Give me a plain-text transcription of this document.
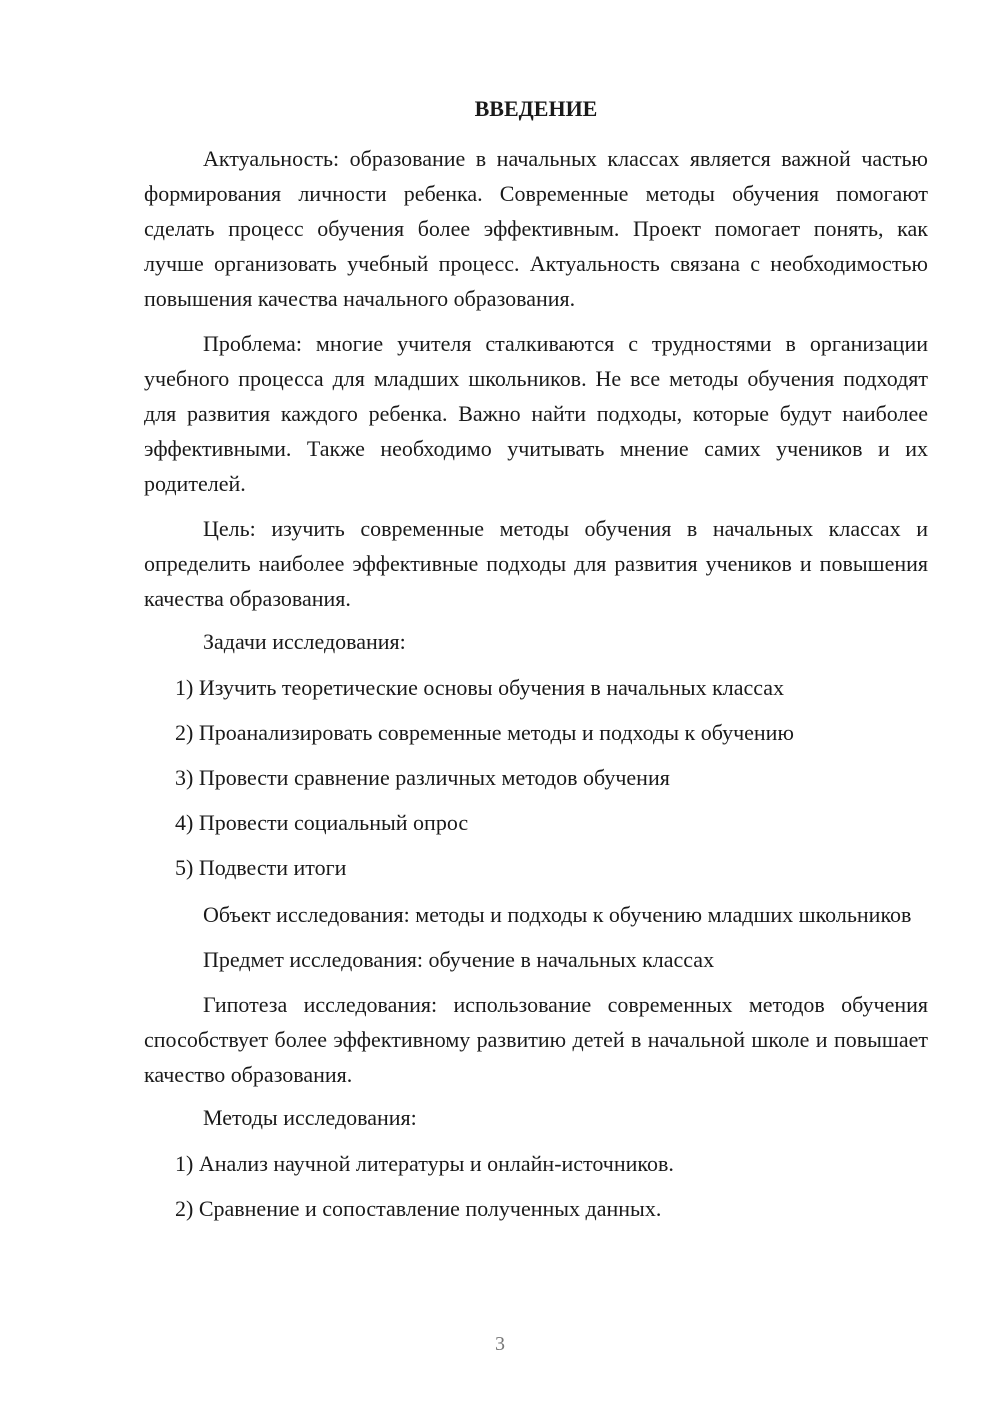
ВВЕДЕНИЕ

Актуальность: образование в начальных классах является важной частью формирования личности ребенка. Современные методы обучения помогают сделать процесс обучения более эффективным. Проект помогает понять, как лучше организовать учебный процесс. Актуальность связана с необходимостью повышения качества начального образования.

Проблема: многие учителя сталкиваются с трудностями в организации учебного процесса для младших школьников. Не все методы обучения подходят для развития каждого ребенка. Важно найти подходы, которые будут наиболее эффективными. Также необходимо учитывать мнение самих учеников и их родителей.

Цель: изучить современные методы обучения в начальных классах и определить наиболее эффективные подходы для развития учеников и повышения качества образования.

Задачи исследования:

1) Изучить теоретические основы обучения в начальных классах

2) Проанализировать современные методы и подходы к обучению

3) Провести сравнение различных методов обучения

4) Провести социальный опрос

5) Подвести итоги

Объект исследования: методы и подходы к обучению младших школьников

Предмет исследования: обучение в начальных классах

Гипотеза исследования: использование современных методов обучения способствует более эффективному развитию детей в начальной школе и повышает качество образования.

Методы исследования:

1) Анализ научной литературы и онлайн-источников.

2) Сравнение и сопоставление полученных данных.

3
